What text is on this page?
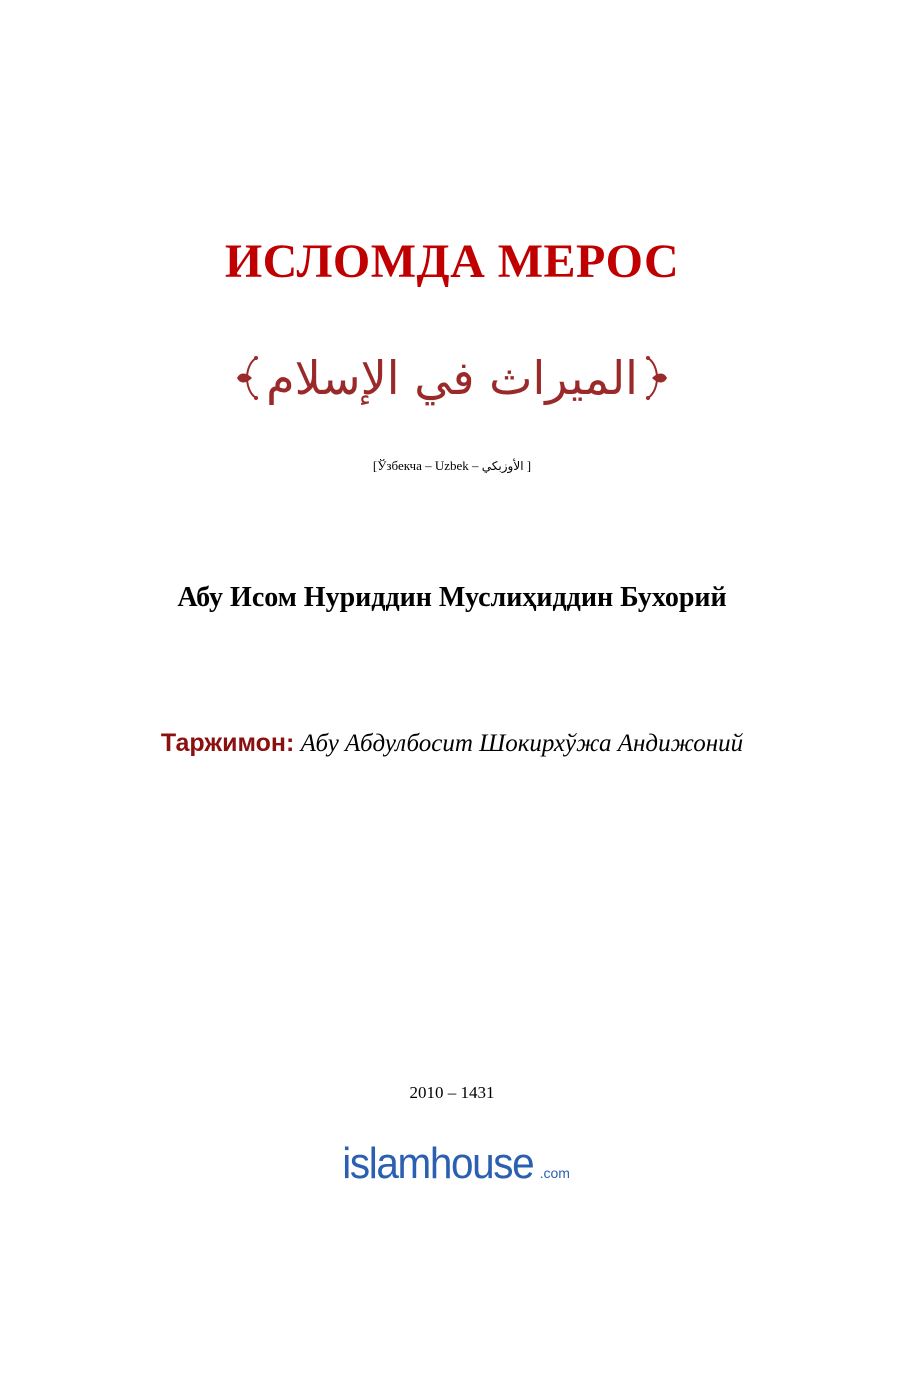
ИСЛОМДА МЕРОС
الميراث في الإسلام
[Ўзбекча – Uzbek – الأوزبكي ]
Абу Исом Нуриддин Муслиҳиддин Бухорий
Таржимон: Абу Абдулбосит Шокирхўжа Андижоний
2010 – 1431
islamhouse .com
